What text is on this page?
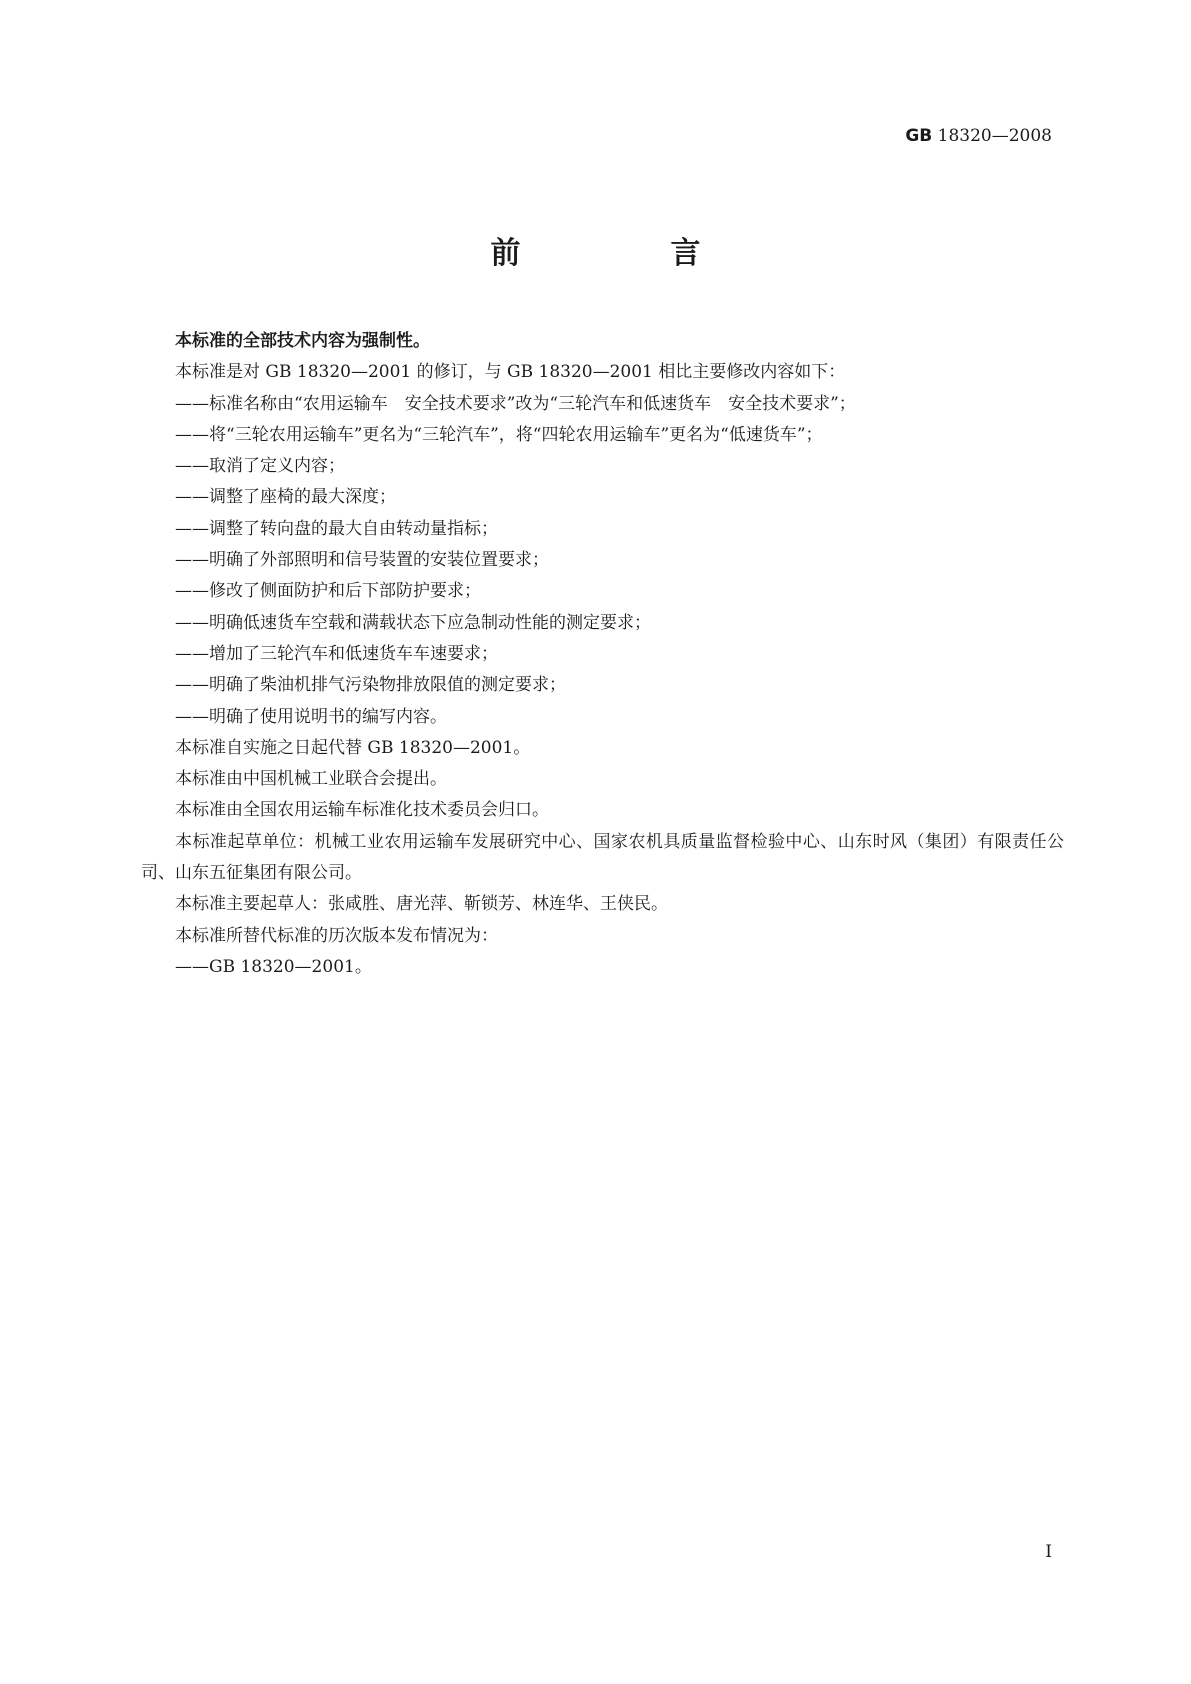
GB 18320—2008
前　言

本标准的全部技术内容为强制性。

本标准是对 GB 18320—2001 的修订，与 GB 18320—2001 相比主要修改内容如下：

——标准名称由“农用运输车　安全技术要求”改为“三轮汽车和低速货车　安全技术要求”；

——将“三轮农用运输车”更名为“三轮汽车”，将“四轮农用运输车”更名为“低速货车”；

——取消了定义内容；

——调整了座椅的最大深度；

——调整了转向盘的最大自由转动量指标；

——明确了外部照明和信号装置的安装位置要求；

——修改了侧面防护和后下部防护要求；

——明确低速货车空载和满载状态下应急制动性能的测定要求；

——增加了三轮汽车和低速货车车速要求；

——明确了柴油机排气污染物排放限值的测定要求；

——明确了使用说明书的编写内容。

本标准自实施之日起代替 GB 18320—2001。

本标准由中国机械工业联合会提出。

本标准由全国农用运输车标准化技术委员会归口。

本标准起草单位：机械工业农用运输车发展研究中心、国家农机具质量监督检验中心、山东时风（集团）有限责任公司、山东五征集团有限公司。

本标准主要起草人：张咸胜、唐光萍、靳锁芳、林连华、王侠民。

本标准所替代标准的历次版本发布情况为：

——GB 18320—2001。

I
